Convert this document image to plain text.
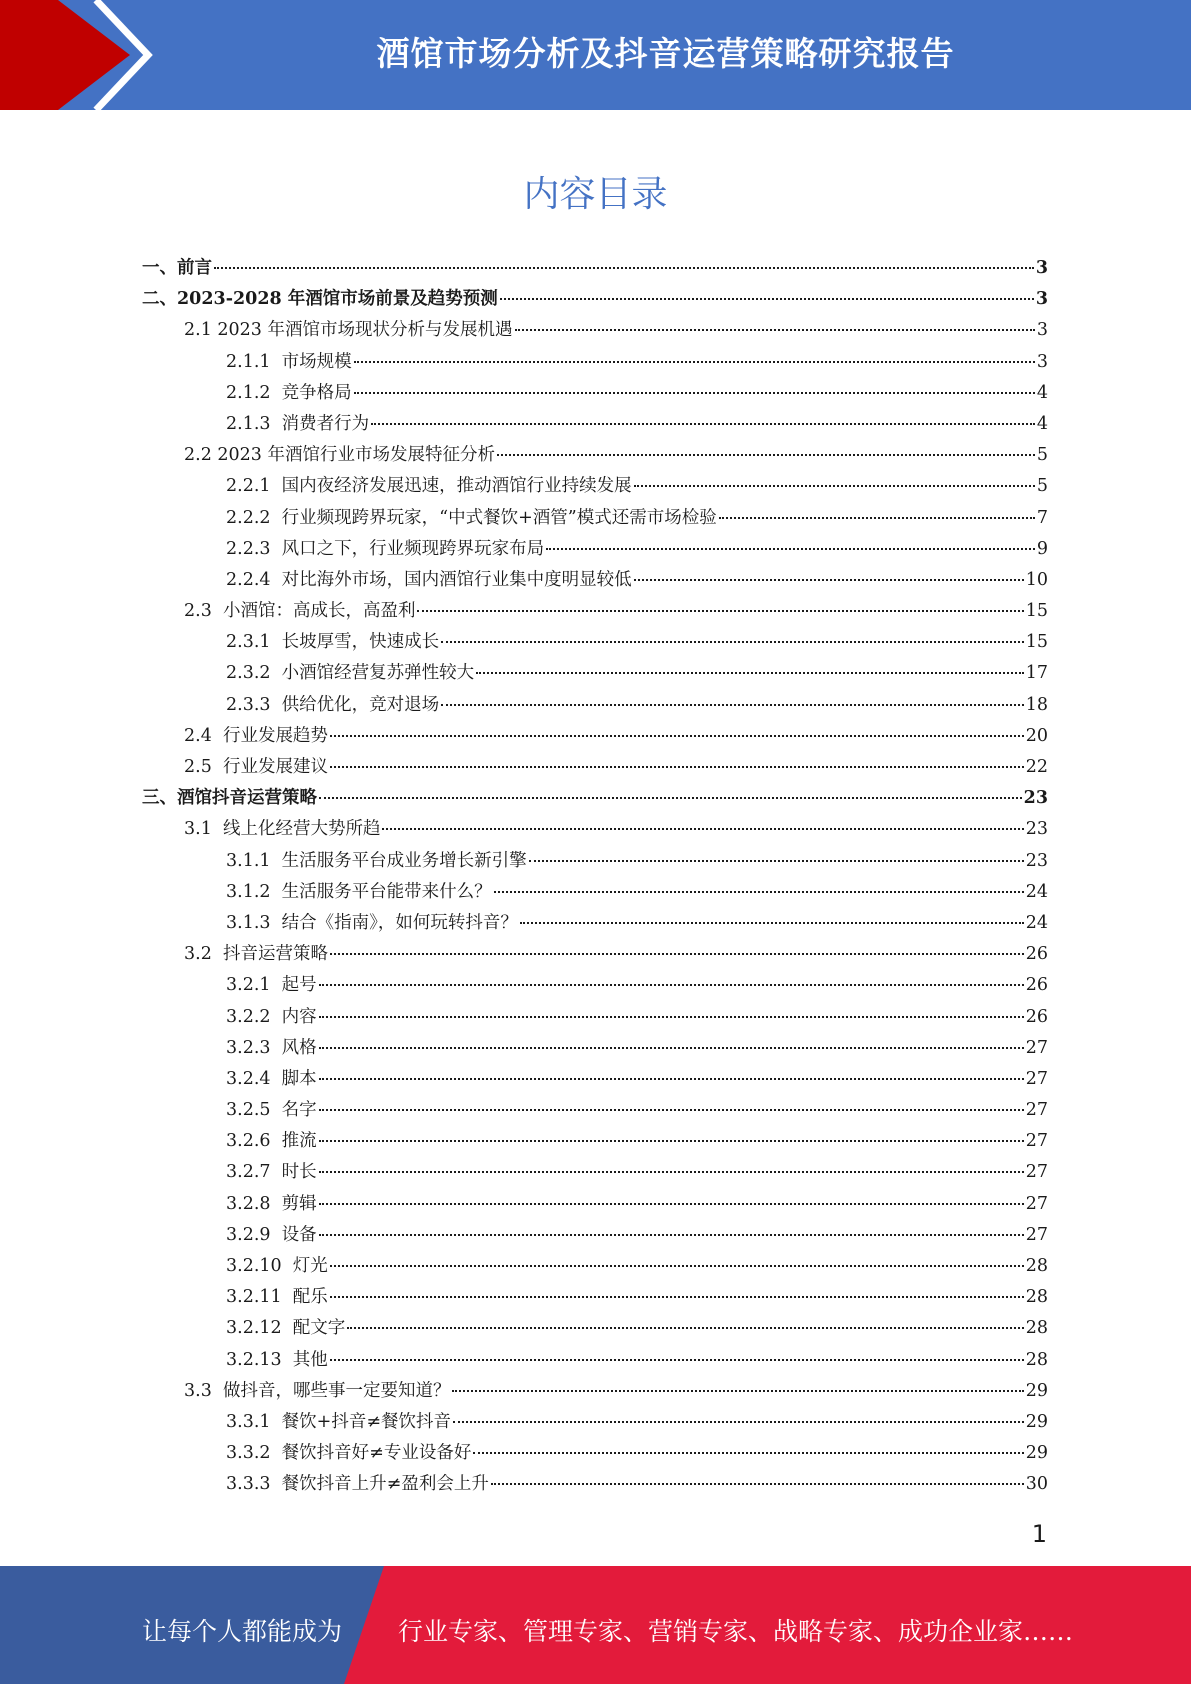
酒馆市场分析及抖音运营策略研究报告
内容目录
一、 前言	3
二、 2023-2028 年酒馆市场前景及趋势预测	3
2.1 2023 年酒馆市场现状分析与发展机遇	3
2.1.1 市场规模	3
2.1.2 竞争格局	4
2.1.3 消费者行为	4
2.2 2023 年酒馆行业市场发展特征分析	5
2.2.1 国内夜经济发展迅速，推动酒馆行业持续发展	5
2.2.2 行业频现跨界玩家，“中式餐饮+酒管”模式还需市场检验	7
2.2.3 风口之下，行业频现跨界玩家布局	9
2.2.4 对比海外市场，国内酒馆行业集中度明显较低	10
2.3 小酒馆：高成长，高盈利	15
2.3.1 长坡厚雪，快速成长	15
2.3.2 小酒馆经营复苏弹性较大	17
2.3.3 供给优化，竞对退场	18
2.4 行业发展趋势	20
2.5 行业发展建议	22
三、 酒馆抖音运营策略	23
3.1 线上化经营大势所趋	23
3.1.1 生活服务平台成业务增长新引擎	23
3.1.2 生活服务平台能带来什么？	24
3.1.3 结合《指南》，如何玩转抖音？	24
3.2 抖音运营策略	26
3.2.1 起号	26
3.2.2 内容	26
3.2.3 风格	27
3.2.4 脚本	27
3.2.5 名字	27
3.2.6 推流	27
3.2.7 时长	27
3.2.8 剪辑	27
3.2.9 设备	27
3.2.10 灯光	28
3.2.11 配乐	28
3.2.12 配文字	28
3.2.13 其他	28
3.3 做抖音，哪些事一定要知道？	29
3.3.1 餐饮+抖音≠餐饮抖音	29
3.3.2 餐饮抖音好≠专业设备好	29
3.3.3 餐饮抖音上升≠盈利会上升	30
1
让每个人都能成为 行业专家、管理专家、营销专家、战略专家、成功企业家……
